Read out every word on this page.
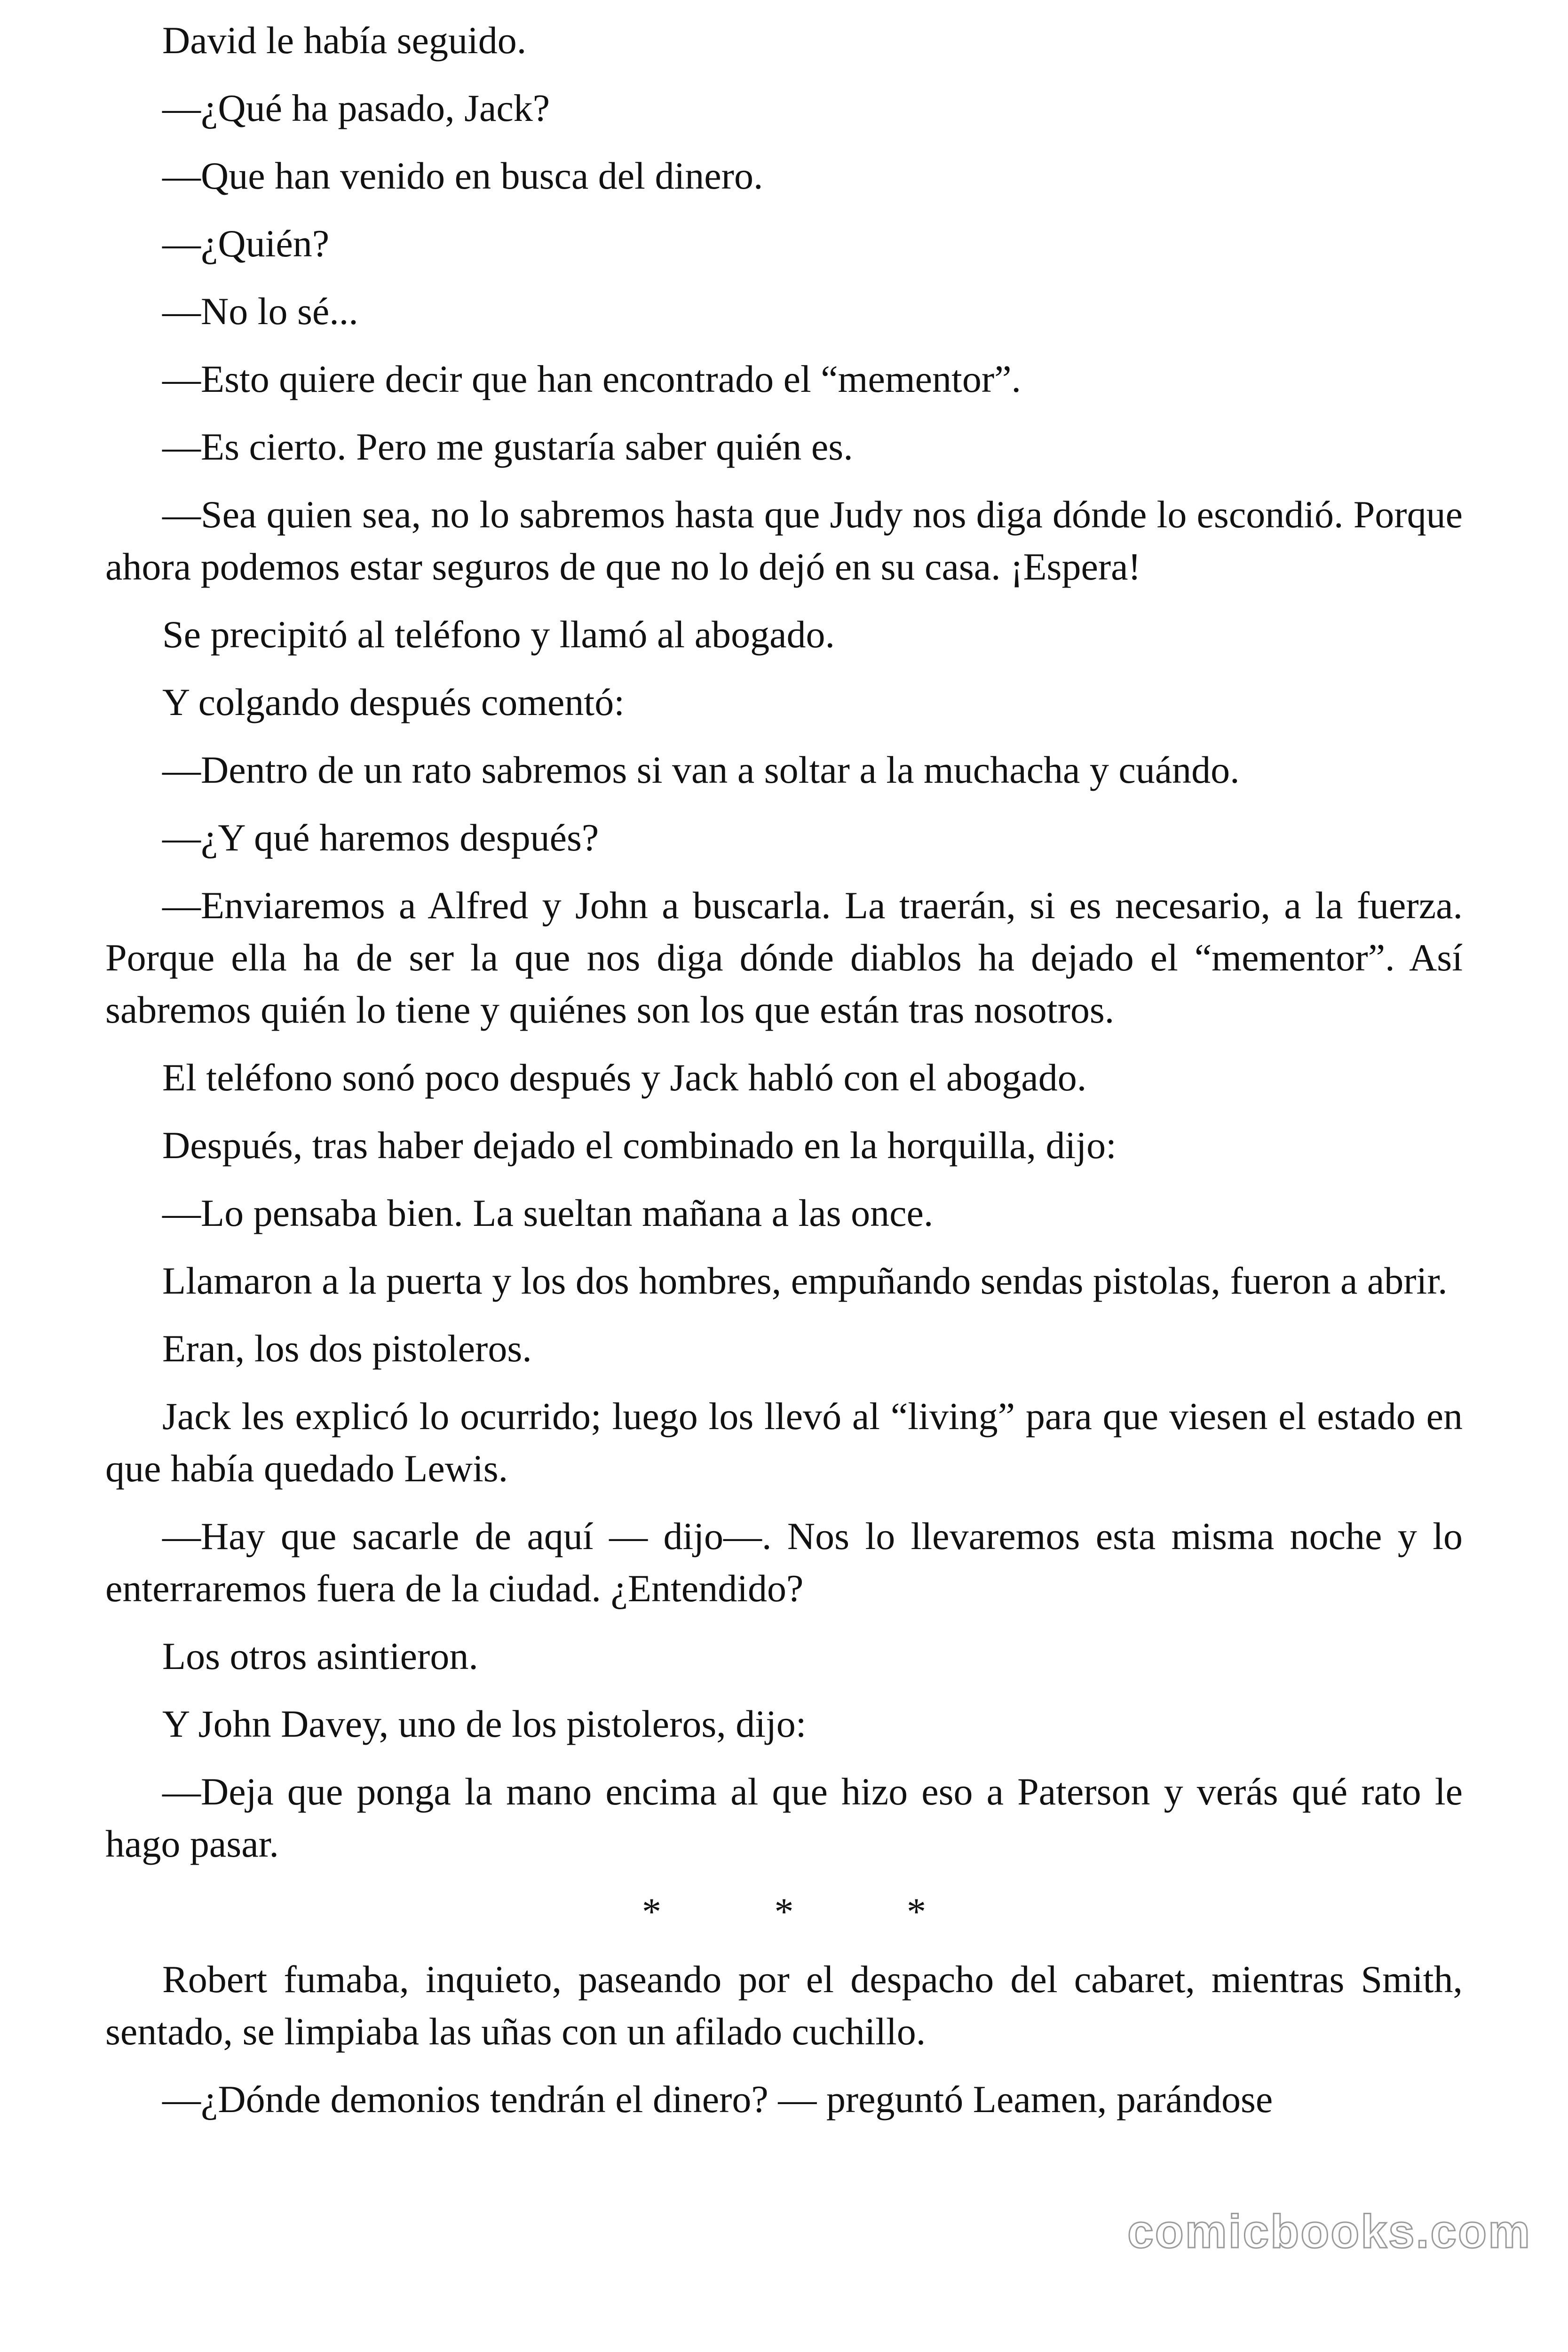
David le había seguido.

—¿Qué ha pasado, Jack?

—Que han venido en busca del dinero.

—¿Quién?

—No lo sé...

—Esto quiere decir que han encontrado el “mementor”.

—Es cierto. Pero me gustaría saber quién es.

—Sea quien sea, no lo sabremos hasta que Judy nos diga dónde lo escondió. Porque ahora podemos estar seguros de que no lo dejó en su casa. ¡Espera!

Se precipitó al teléfono y llamó al abogado.

Y colgando después comentó:

—Dentro de un rato sabremos si van a soltar a la muchacha y cuándo.

—¿Y qué haremos después?

—Enviaremos a Alfred y John a buscarla. La traerán, si es necesario, a la fuerza. Porque ella ha de ser la que nos diga dónde diablos ha dejado el “mementor”. Así sabremos quién lo tiene y quiénes son los que están tras nosotros.

El teléfono sonó poco después y Jack habló con el abogado.

Después, tras haber dejado el combinado en la horquilla, dijo:

—Lo pensaba bien. La sueltan mañana a las once.

Llamaron a la puerta y los dos hombres, empuñando sendas pistolas, fueron a abrir.

Eran, los dos pistoleros.

Jack les explicó lo ocurrido; luego los llevó al “living” para que viesen el estado en que había quedado Lewis.

—Hay que sacarle de aquí — dijo—. Nos lo llevaremos esta misma noche y lo enterraremos fuera de la ciudad. ¿Entendido?

Los otros asintieron.

Y John Davey, uno de los pistoleros, dijo:

—Deja que ponga la mano encima al que hizo eso a Paterson y verás qué rato le hago pasar.

* * *

Robert fumaba, inquieto, paseando por el despacho del cabaret, mientras Smith, sentado, se limpiaba las uñas con un afilado cuchillo.

—¿Dónde demonios tendrán el dinero? — preguntó Leamen, parándose

comicbooks.com
